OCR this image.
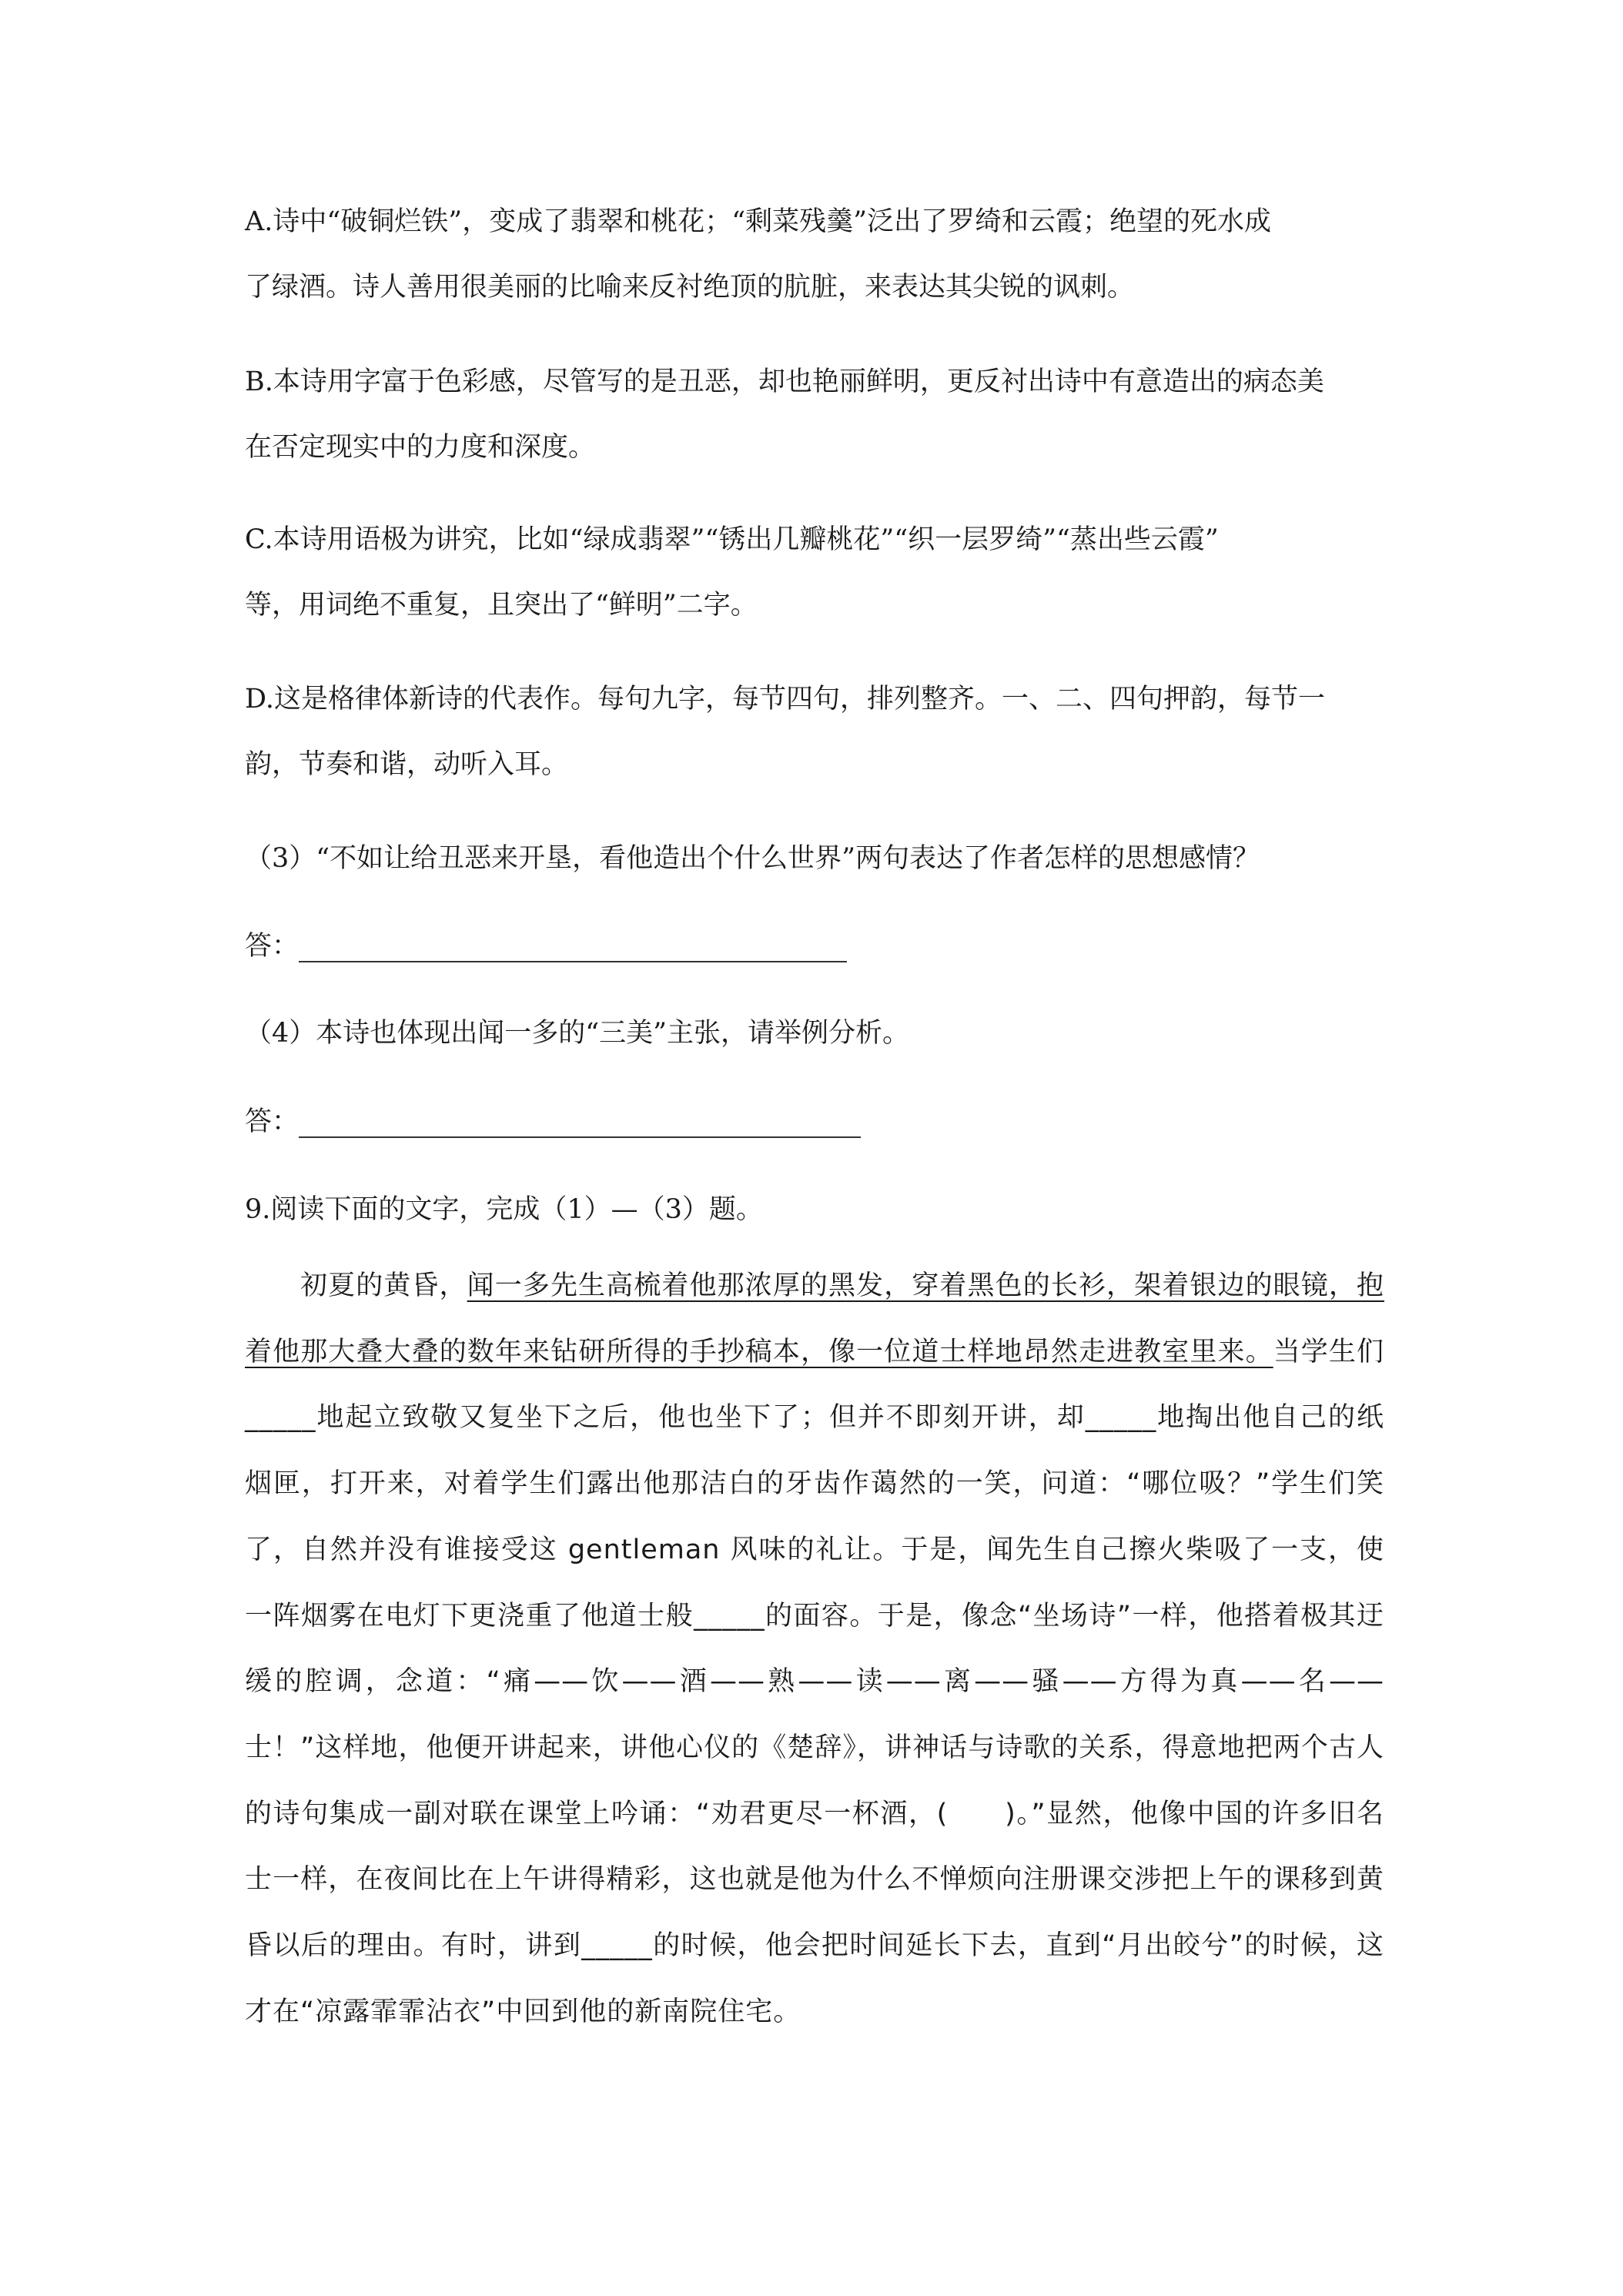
A.诗中“破铜烂铁”，变成了翡翠和桃花；“剩菜残羹”泛出了罗绮和云霞；绝望的死水成
了绿酒。诗人善用很美丽的比喻来反衬绝顶的肮脏，来表达其尖锐的讽刺。

B.本诗用字富于色彩感，尽管写的是丑恶，却也艳丽鲜明，更反衬出诗中有意造出的病态美
在否定现实中的力度和深度。

C.本诗用语极为讲究，比如“绿成翡翠”“锈出几瓣桃花”“织一层罗绮”“蒸出些云霞”
等，用词绝不重复，且突出了“鲜明”二字。

D.这是格律体新诗的代表作。每句九字，每节四句，排列整齐。一、二、四句押韵，每节一
韵，节奏和谐，动听入耳。

（3）“不如让给丑恶来开垦，看他造出个什么世界”两句表达了作者怎样的思想感情？

答：

（4）本诗也体现出闻一多的“三美”主张，请举例分析。

答：

9.阅读下面的文字，完成（1）—（3）题。

初夏的黄昏，闻一多先生高梳着他那浓厚的黑发，穿着黑色的长衫，架着银边的眼镜，抱着他那大叠大叠的数年来钻研所得的手抄稿本，像一位道士样地昂然走进教室里来。当学生们_____地起立致敬又复坐下之后，他也坐下了；但并不即刻开讲，却_____地掏出他自己的纸烟匣，打开来，对着学生们露出他那洁白的牙齿作蔼然的一笑，问道：“哪位吸？”学生们笑了，自然并没有谁接受这 gentleman 风味的礼让。于是，闻先生自己擦火柴吸了一支，使一阵烟雾在电灯下更浇重了他道士般_____的面容。于是，像念“坐场诗”一样，他搭着极其迂缓的腔调，念道：“痛——饮——酒——熟——读——离——骚——方得为真——名——士！”这样地，他便开讲起来，讲他心仪的《楚辞》，讲神话与诗歌的关系，得意地把两个古人的诗句集成一副对联在课堂上吟诵：“劝君更尽一杯酒，(　　)。”显然，他像中国的许多旧名士一样，在夜间比在上午讲得精彩，这也就是他为什么不惮烦向注册课交涉把上午的课移到黄昏以后的理由。有时，讲到_____的时候，他会把时间延长下去，直到“月出皎兮”的时候，这才在“凉露霏霏沾衣”中回到他的新南院住宅。
